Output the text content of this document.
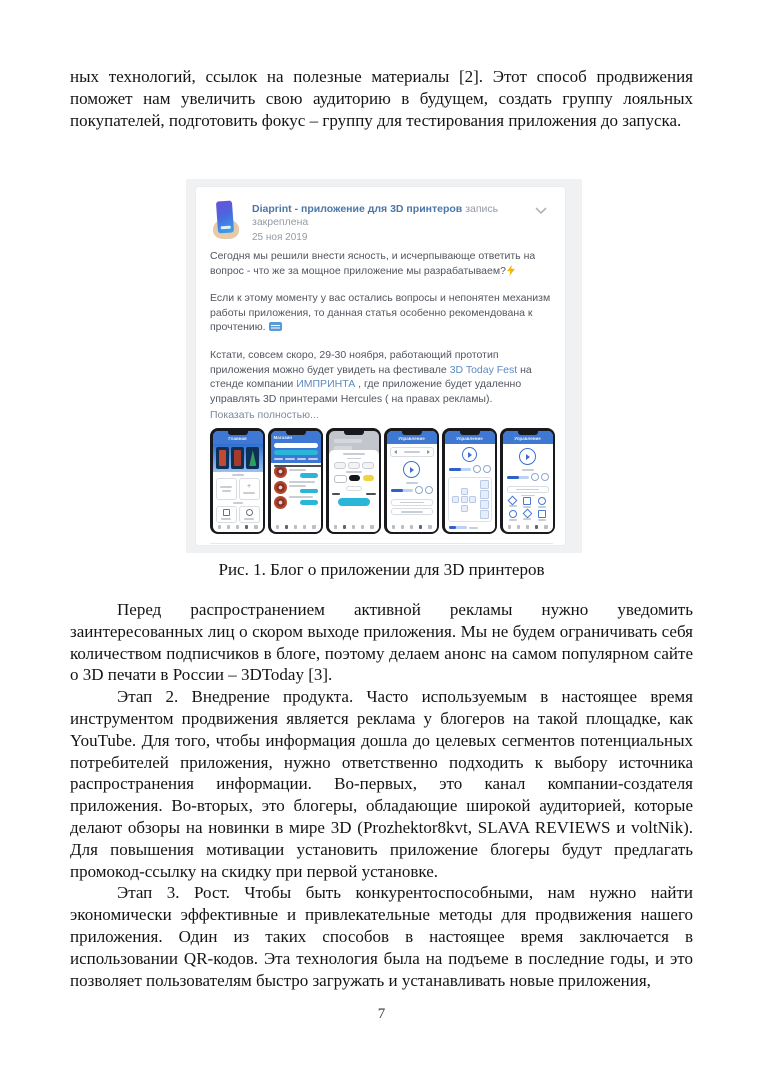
ных технологий, ссылок на полезные материалы [2]. Этот способ продвижения поможет нам увеличить свою аудиторию в будущем, создать группу лояльных покупателей, подготовить фокус – группу для тестирования приложения до запуска.

Diaprint - приложение для 3D принтеров запись закреплена
25 ноя 2019
Сегодня мы решили внести ясность, и исчерпывающе ответить на вопрос - что же за мощное приложение мы разрабатываем?
Если к этому моменту у вас остались вопросы и непонятен механизм работы приложения, то данная статья особенно рекомендована к прочтению.
Кстати, совсем скоро, 29-30 ноября, работающий прототип приложения можно будет увидеть на фестивале 3D Today Fest на стенде компании ИМПРИНТА , где приложение будет удаленно управлять 3D принтерами Hercules ( на правах рекламы).
Показать полностью...
Главная
+
Магазин	Управление	Управление	Управление
Рис. 1. Блог о приложении для 3D принтеров

Перед распространением активной рекламы нужно уведомить заинтересованных лиц о скором выходе приложения. Мы не будем ограничивать себя количеством подписчиков в блоге, поэтому делаем анонс на самом популярном сайте о 3D печати в России – 3DToday [3].

Этап 2. Внедрение продукта. Часто используемым в настоящее время инструментом продвижения является реклама у блогеров на такой площадке, как YouTube. Для того, чтобы информация дошла до целевых сегментов потенциальных потребителей приложения, нужно ответственно подходить к выбору источника распространения информации. Во-первых, это канал компании-создателя приложения. Во-вторых, это блогеры, обладающие широкой аудиторией, которые делают обзоры на новинки в мире 3D (Prozhektor8kvt, SLAVA REVIEWS и voltNik). Для повышения мотивации установить приложение блогеры будут предлагать промокод-ссылку на скидку при первой установке.

Этап 3. Рост. Чтобы быть конкурентоспособными, нам нужно найти экономически эффективные и привлекательные методы для продвижения нашего приложения. Один из таких способов в настоящее время заключается в использовании QR-кодов. Эта технология была на подъеме в последние годы, и это позволяет пользователям быстро загружать и устанавливать новые приложения,

7
